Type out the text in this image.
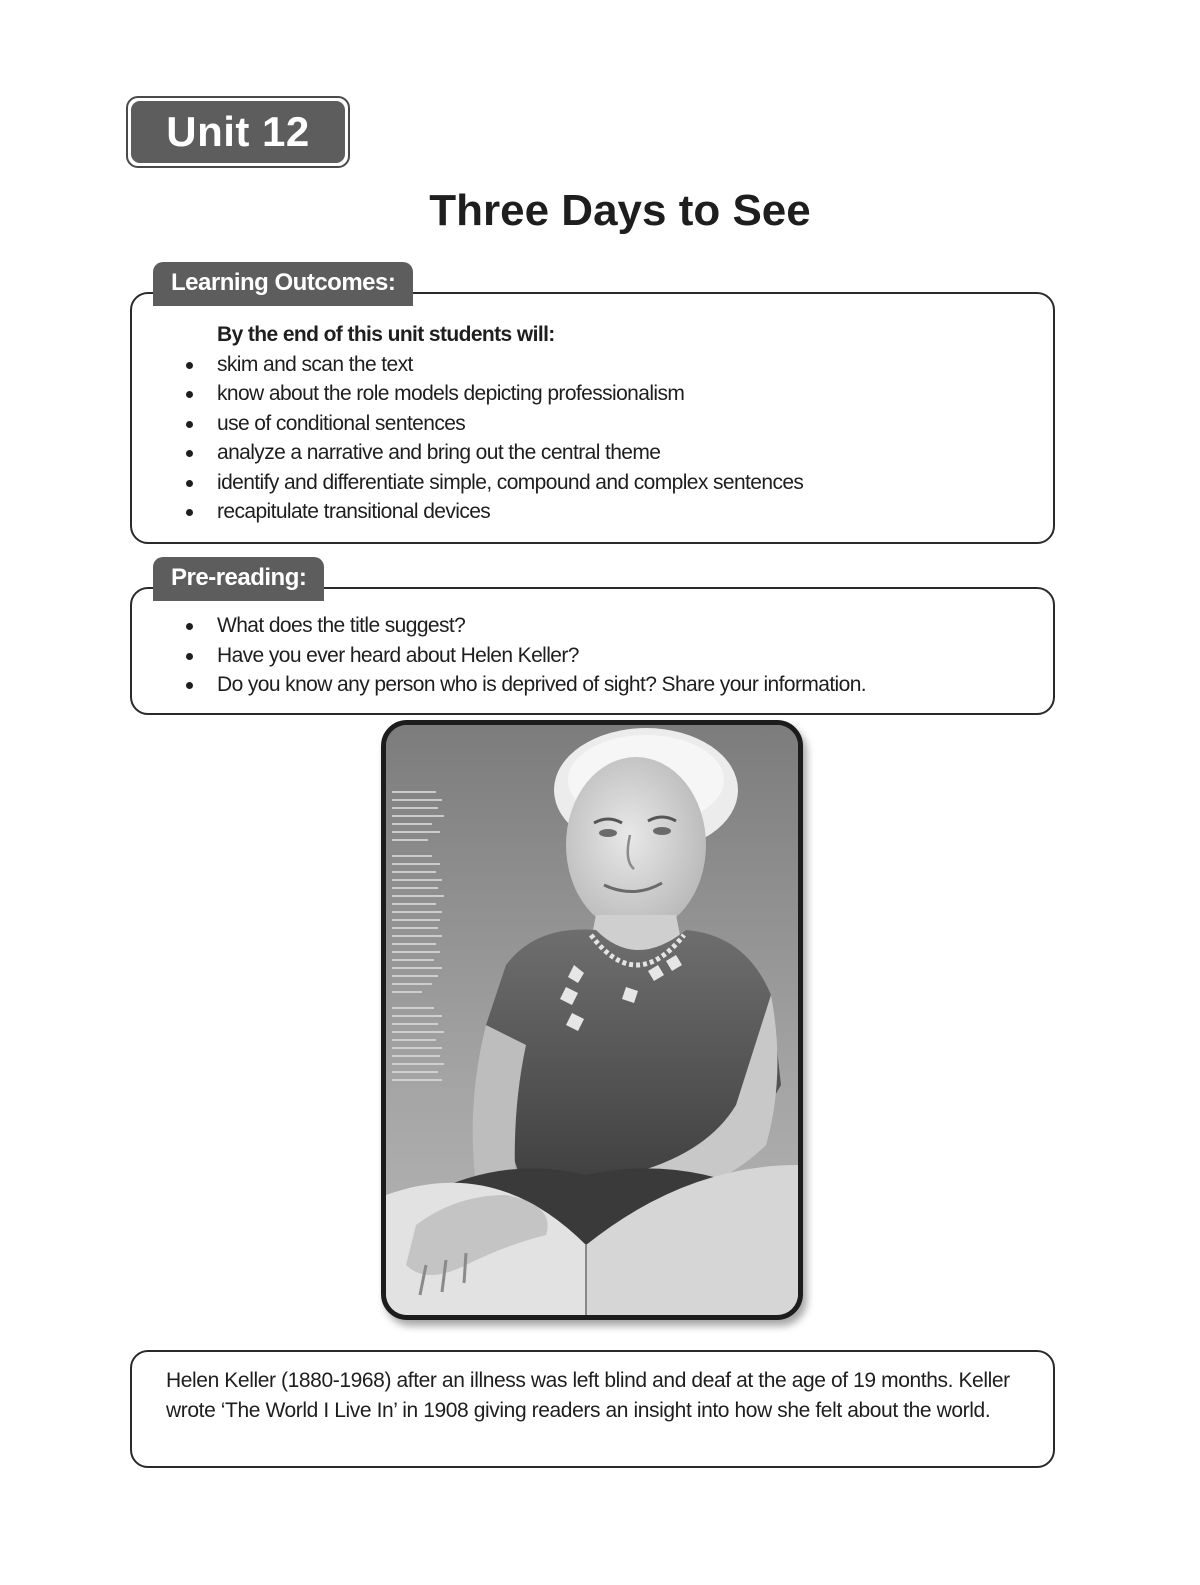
Unit 12
Three Days to See
By the end of this unit students will:
skim and scan the text
know about the role models depicting professionalism
use of conditional sentences
analyze a narrative and bring out the central theme
identify and differentiate simple, compound and complex sentences
recapitulate transitional devices
Learning Outcomes:
What does the title suggest?
Have you ever heard about Helen Keller?
Do you know any person who is deprived of sight? Share your information.
Pre-reading:
Helen Keller (1880-1968) after an illness was left blind and deaf at the age of 19 months. Keller wrote ‘The World I Live In’ in 1908 giving readers an insight into how she felt about the world.
